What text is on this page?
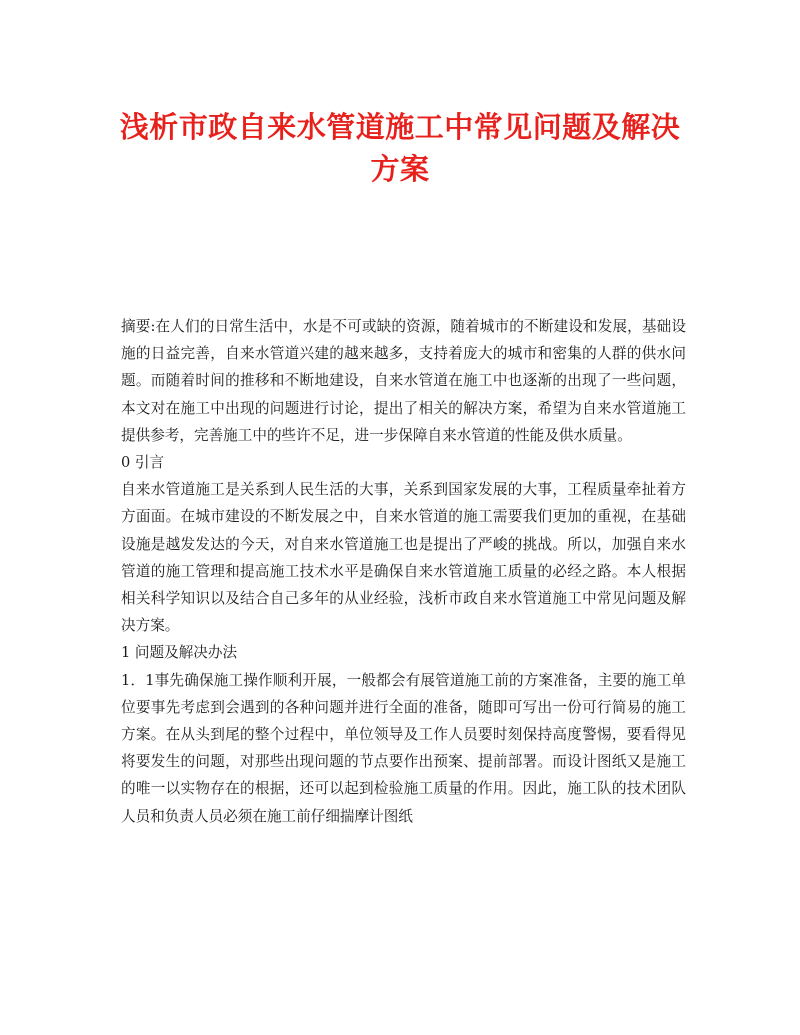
浅析市政自来水管道施工中常见问题及解决方案

摘要:在人们的日常生活中，水是不可或缺的资源，随着城市的不断建设和发展，基础设施的日益完善，自来水管道兴建的越来越多，支持着庞大的城市和密集的人群的供水问题。而随着时间的推移和不断地建设，自来水管道在施工中也逐渐的出现了一些问题，本文对在施工中出现的问题进行讨论，提出了相关的解决方案，希望为自来水管道施工提供参考，完善施工中的些许不足，进一步保障自来水管道的性能及供水质量。

0 引言

自来水管道施工是关系到人民生活的大事，关系到国家发展的大事，工程质量牵扯着方方面面。在城市建设的不断发展之中，自来水管道的施工需要我们更加的重视，在基础设施是越发发达的今天，对自来水管道施工也是提出了严峻的挑战。所以，加强自来水管道的施工管理和提高施工技术水平是确保自来水管道施工质量的必经之路。本人根据相关科学知识以及结合自己多年的从业经验，浅析市政自来水管道施工中常见问题及解决方案。

1 问题及解决办法

1．1事先确保施工操作顺利开展，一般都会有展管道施工前的方案准备，主要的施工单位要事先考虑到会遇到的各种问题并进行全面的准备，随即可写出一份可行简易的施工方案。在从头到尾的整个过程中，单位领导及工作人员要时刻保持高度警惕，要看得见将要发生的问题，对那些出现问题的节点要作出预案、提前部署。而设计图纸又是施工的唯一以实物存在的根据，还可以起到检验施工质量的作用。因此，施工队的技术团队人员和负责人员必须在施工前仔细揣摩计图纸
